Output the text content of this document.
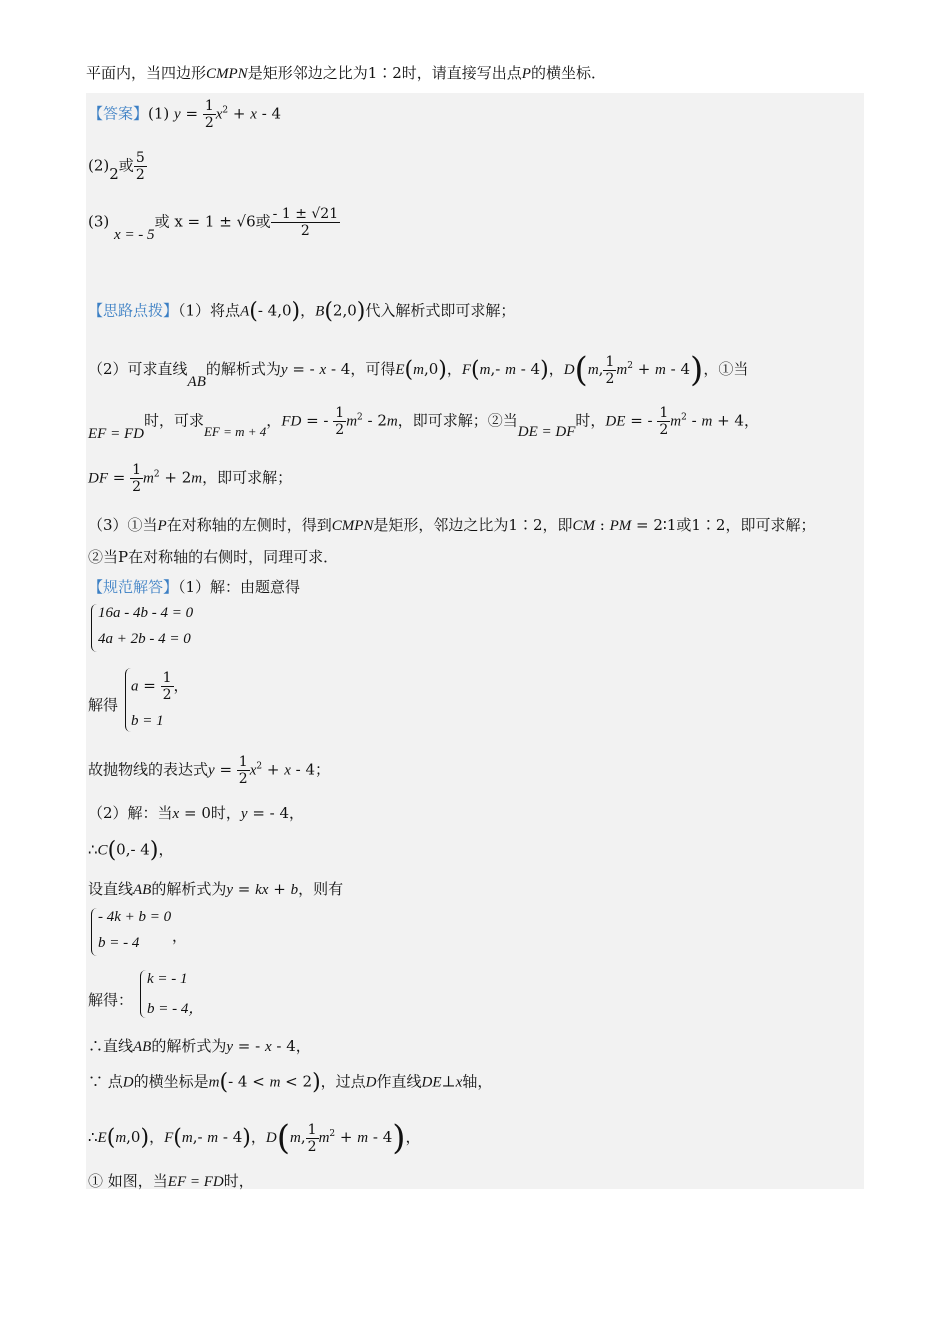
平面内，当四边形CMPN是矩形邻边之比为1∶2时，请直接写出点P的横坐标．
【答案】(1) $y = \frac{1}{2} x^2 + x - 4$
(2)2或 $\frac{5}{2}$
(3) x = - 5或 x = 1 ± √6或 $\frac{- 1 \pm √21}{2}$
【思路点拨】（1）将点A(- 4,0)，B(2,0)代入解析式即可求解；
（2）可求直线AB的解析式为y = - x - 4，可得E(m,0)，F(m,- m - 4)，D(m, $\frac{1}{2} m^2 + m - 4$)，①当
EF = FD时，可求EF = m + 4，FD = - $\frac{1}{2} m^2 - 2m$，即可求解；②当DE = DF时，DE = - $\frac{1}{2} m^2 - m + 4$，
DF = $\frac{1}{2} m^2 + 2m$，即可求解；
（3）①当P在对称轴的左侧时，得到CMPN是矩形，邻边之比为1∶2，即CM : PM = 2∶1或1∶2，即可求解；
②当P在对称轴的右侧时，同理可求．
【规范解答】（1）解：由题意得
16a - 4b - 4 = 0
4a + 2b - 4 = 0
解得
$a = \frac{1}{2}$ ，
b = 1
故抛物线的表达式$y = \frac{1}{2} x^2 + x - 4$；
（2）解：当x = 0时，y = - 4，
∴C(0,- 4)，
设直线AB的解析式为y = kx + b，则有
- 4k + b = 0
b = - 4 ，
解得：
k = - 1
b = - 4，
∴直线AB的解析式为y = - x - 4，
∵ 点D的横坐标是m(- 4 < m < 2)，过点D作直线DE⊥x轴，
∴E(m,0)，F(m,- m - 4)，D(m, $\frac{1}{2} m^2 + m - 4$)，
① 如图，当EF = FD时，
